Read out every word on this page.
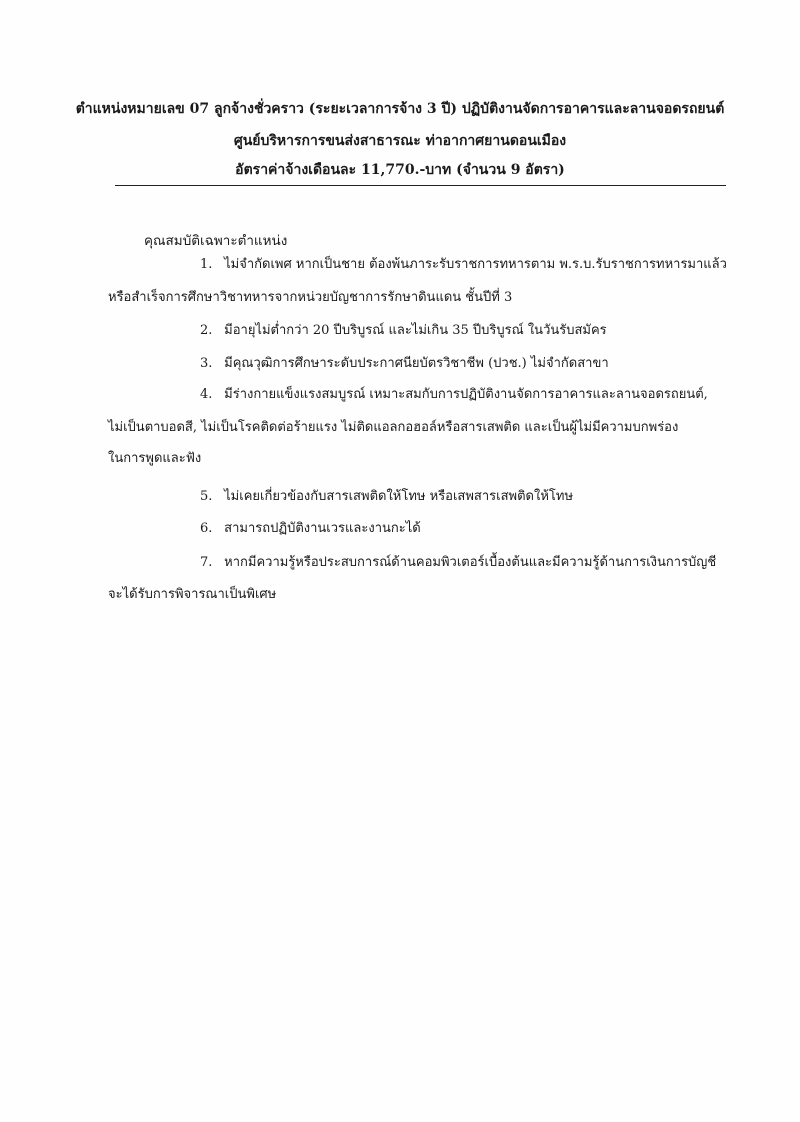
ตำแหน่งหมายเลข 07 ลูกจ้างชั่วคราว (ระยะเวลาการจ้าง 3 ปี) ปฏิบัติงานจัดการอาคารและลานจอดรถยนต์
ศูนย์บริหารการขนส่งสาธารณะ ท่าอากาศยานดอนเมือง
อัตราค่าจ้างเดือนละ 11,770.-บาท (จำนวน 9 อัตรา)
คุณสมบัติเฉพาะตำแหน่ง
1. ไม่จำกัดเพศ หากเป็นชาย ต้องพ้นภาระรับราชการทหารตาม พ.ร.บ.รับราชการทหารมาแล้ว
หรือสำเร็จการศึกษาวิชาทหารจากหน่วยบัญชาการรักษาดินแดน ชั้นปีที่ 3
2. มีอายุไม่ต่ำกว่า 20 ปีบริบูรณ์ และไม่เกิน 35 ปีบริบูรณ์ ในวันรับสมัคร
3. มีคุณวุฒิการศึกษาระดับประกาศนียบัตรวิชาชีพ (ปวช.) ไม่จำกัดสาขา
4. มีร่างกายแข็งแรงสมบูรณ์ เหมาะสมกับการปฏิบัติงานจัดการอาคารและลานจอดรถยนต์,
ไม่เป็นตาบอดสี, ไม่เป็นโรคติดต่อร้ายแรง ไม่ติดแอลกอฮอล์หรือสารเสพติด และเป็นผู้ไม่มีความบกพร่อง
ในการพูดและฟัง
5. ไม่เคยเกี่ยวข้องกับสารเสพติดให้โทษ หรือเสพสารเสพติดให้โทษ
6. สามารถปฏิบัติงานเวรและงานกะได้
7. หากมีความรู้หรือประสบการณ์ด้านคอมพิวเตอร์เบื้องต้นและมีความรู้ด้านการเงินการบัญชี
จะได้รับการพิจารณาเป็นพิเศษ
